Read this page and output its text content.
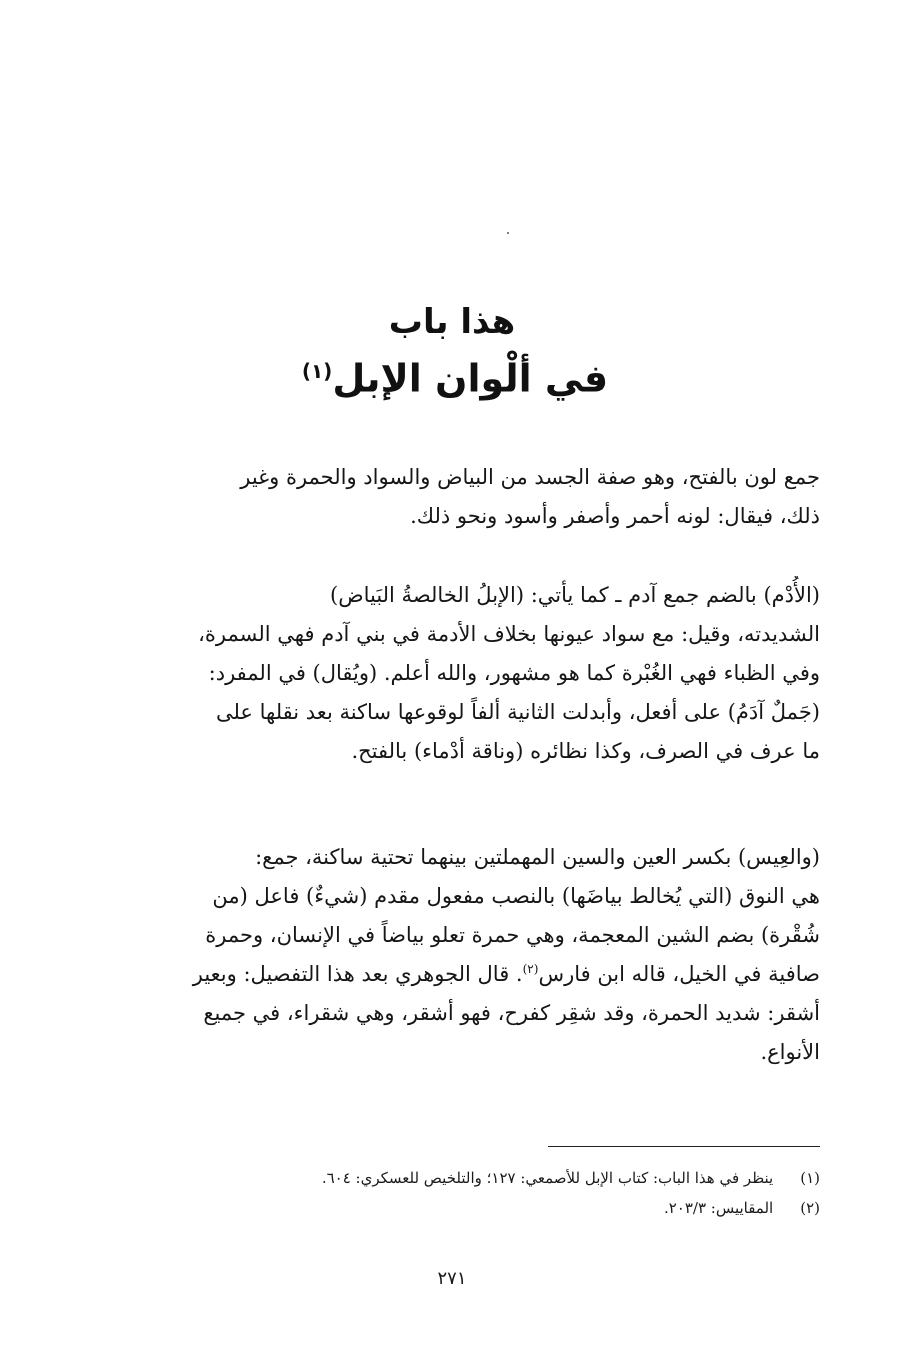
هذا باب
في ألْوان الإبل$^{(١)}$
جمع لون بالفتح، وهو صفة الجسد من البياض والسواد والحمرة وغير
ذلك، فيقال: لونه أحمر وأصفر وأسود ونحو ذلك.
(الأُدْم) بالضم جمع آدم ـ كما يأتي: (الإبلُ الخالصةُ البَياض)
الشديدته، وقيل: مع سواد عيونها بخلاف الأدمة في بني آدم فهي السمرة،
وفي الظباء فهي الغُبْرة كما هو مشهور، والله أعلم. (ويُقال) في المفرد:
(جَملٌ آدَمُ) على أفعل، وأبدلت الثانية ألفاً لوقوعها ساكنة بعد نقلها على
ما عرف في الصرف، وكذا نظائره (وناقة أدْماء) بالفتح.
(والعِيس) بكسر العين والسين المهملتين بينهما تحتية ساكنة، جمع:
هي النوق (التي يُخالط بياضَها) بالنصب مفعول مقدم (شيءٌ) فاعل (من
شُقْرة) بضم الشين المعجمة، وهي حمرة تعلو بياضاً في الإنسان، وحمرة
صافية في الخيل، قاله ابن فارس$^{(٢)}$. قال الجوهري بعد هذا التفصيل: وبعير
أشقر: شديد الحمرة، وقد شقِر كفرح، فهو أشقر، وهي شقراء، في جميع
الأنواع.
(١) ينظر في هذا الباب: كتاب الإبل للأصمعي: ١٢٧؛ والتلخيص للعسكري: ٦٠٤.
(٢) المقاييس: ٢٠٣/٣.
٢٧١
